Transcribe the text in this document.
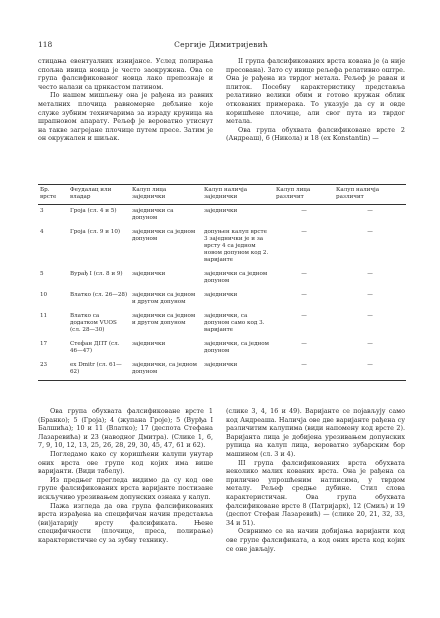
118	Сергије Димитријевић

стицања евентуалних изнијансе. Услед полирања спољна ивица новца је често заокружена. Ова се група фалсификованог новца лако препознаје и често налази са црнкастом патином.

По нашем мишљењу она је рађена из равних металних плочица равномерне дебљине које служе зубним техничарима за израду круница на шрапновом апарату. Рељеф је вероватно утиснут на такве загрејане плочице путем пресе. Затим је он окружален и шиљак.

II група фалсификованих врста кована је (а није пресована). Зато су ивице рељефа релативно оштре. Она је рађена из тврдог метала. Рељеф је раван и плиток. Посебну карактеристику представља релативно велики обим и готово кружан облик откованих примерака. То указује да су и овде коришћене плочице, али свог пута из тврдог метала.

Ова група обухвата фалсификоване врсте 2 (Андреаш), 6 (Никола) и 18 (ex Konstantin) —

Бр. врсте	Феудалац или владар	Калуп лица заједнички	Калуп наличја заједнички	Калуп лица различит	Калуп наличја различит
3	Гроја (сл. 4 и 5)	заједнички са допуном	заједнички	—	—
4	Гроја (сл. 9 и 10)	заједнички са једном допуном	допуњен калуп врсте 3 заједнички је и за врсту 4 са једном новом допуном код 2. варијанте	—	—
5	Вурађ I (сл. 8 и 9)	заједнички	заједнички са једном допуном	—	—
10	Влатко (сл. 26—28)	заједнички са једном и другом допуном	заједнички	—	—
11	Влатко са додатком VUOS (сл. 28—30)	заједнички са једном и другом допуном	заједнички, са допуном само код 3. варијанте	—	—
17	Стефан ДПТ (сл. 46—47)	заједнички	заједнички, са једном допуном	—	—
23	ex Dmitr (сл. 61—62)	заједнички, са једном допуном	заједнички	—	—

Ова група обухвата фалсификоване врсте 1 (Бранко); 5 (Гроја); 4 (жупана Гроје); 5 (Вурђа I Балшића); 10 и 11 (Влатко); 17 (деспота Стефана Лазаревића) и 23 (наводног Дмитра). (Слике 1, 6, 7, 9, 10, 12, 13, 25, 26, 28, 29, 30, 45, 47, 61 и 62).

Погледамо како су коришћени калупи унутар оних врста ове групе код којих има више варијанти. (Види табелу).

Из предњег прегледа видимо да су код ове групе фалсификованих врста варијанте постизане искључиво урезивањем допунских ознака у калуп.

Пажа изгледа да ова група фалсификованих врста израђена на специфичан начин представља (ви)јатарију врсту фалсификата. Њене специфичности (плочице, преса, полирање) карактеристичне су за зубну технику.

(слике 3, 4, 16 и 49). Варијанте се појављују само код Андреаша. Наличја ове две варијанте рађена су различитим калупима (види напомену код врсте 2). Варијанта лица је добијена урезивањем допунских рупица на калуп лица, вероватно зубарским бор машином (сл. 3 и 4).

III група фалсификованих врста обухвата неколико малих кованих врста. Она је рађена са прилично упрошћеним натписима, у тврдом металу. Рељеф средње дубине. Стил слова карактеристичан. Ова група обухвата фалсификоване врсте 8 (Патријарх), 12 (Смиљ) и 19 (деспот Стефан Лазаревић) — (слике 20, 21, 32, 33, 34 и 51).

Осврнимо се на начин добијања варијанти код ове групе фалсификата, а код оних врста код којих се оне јављају.
